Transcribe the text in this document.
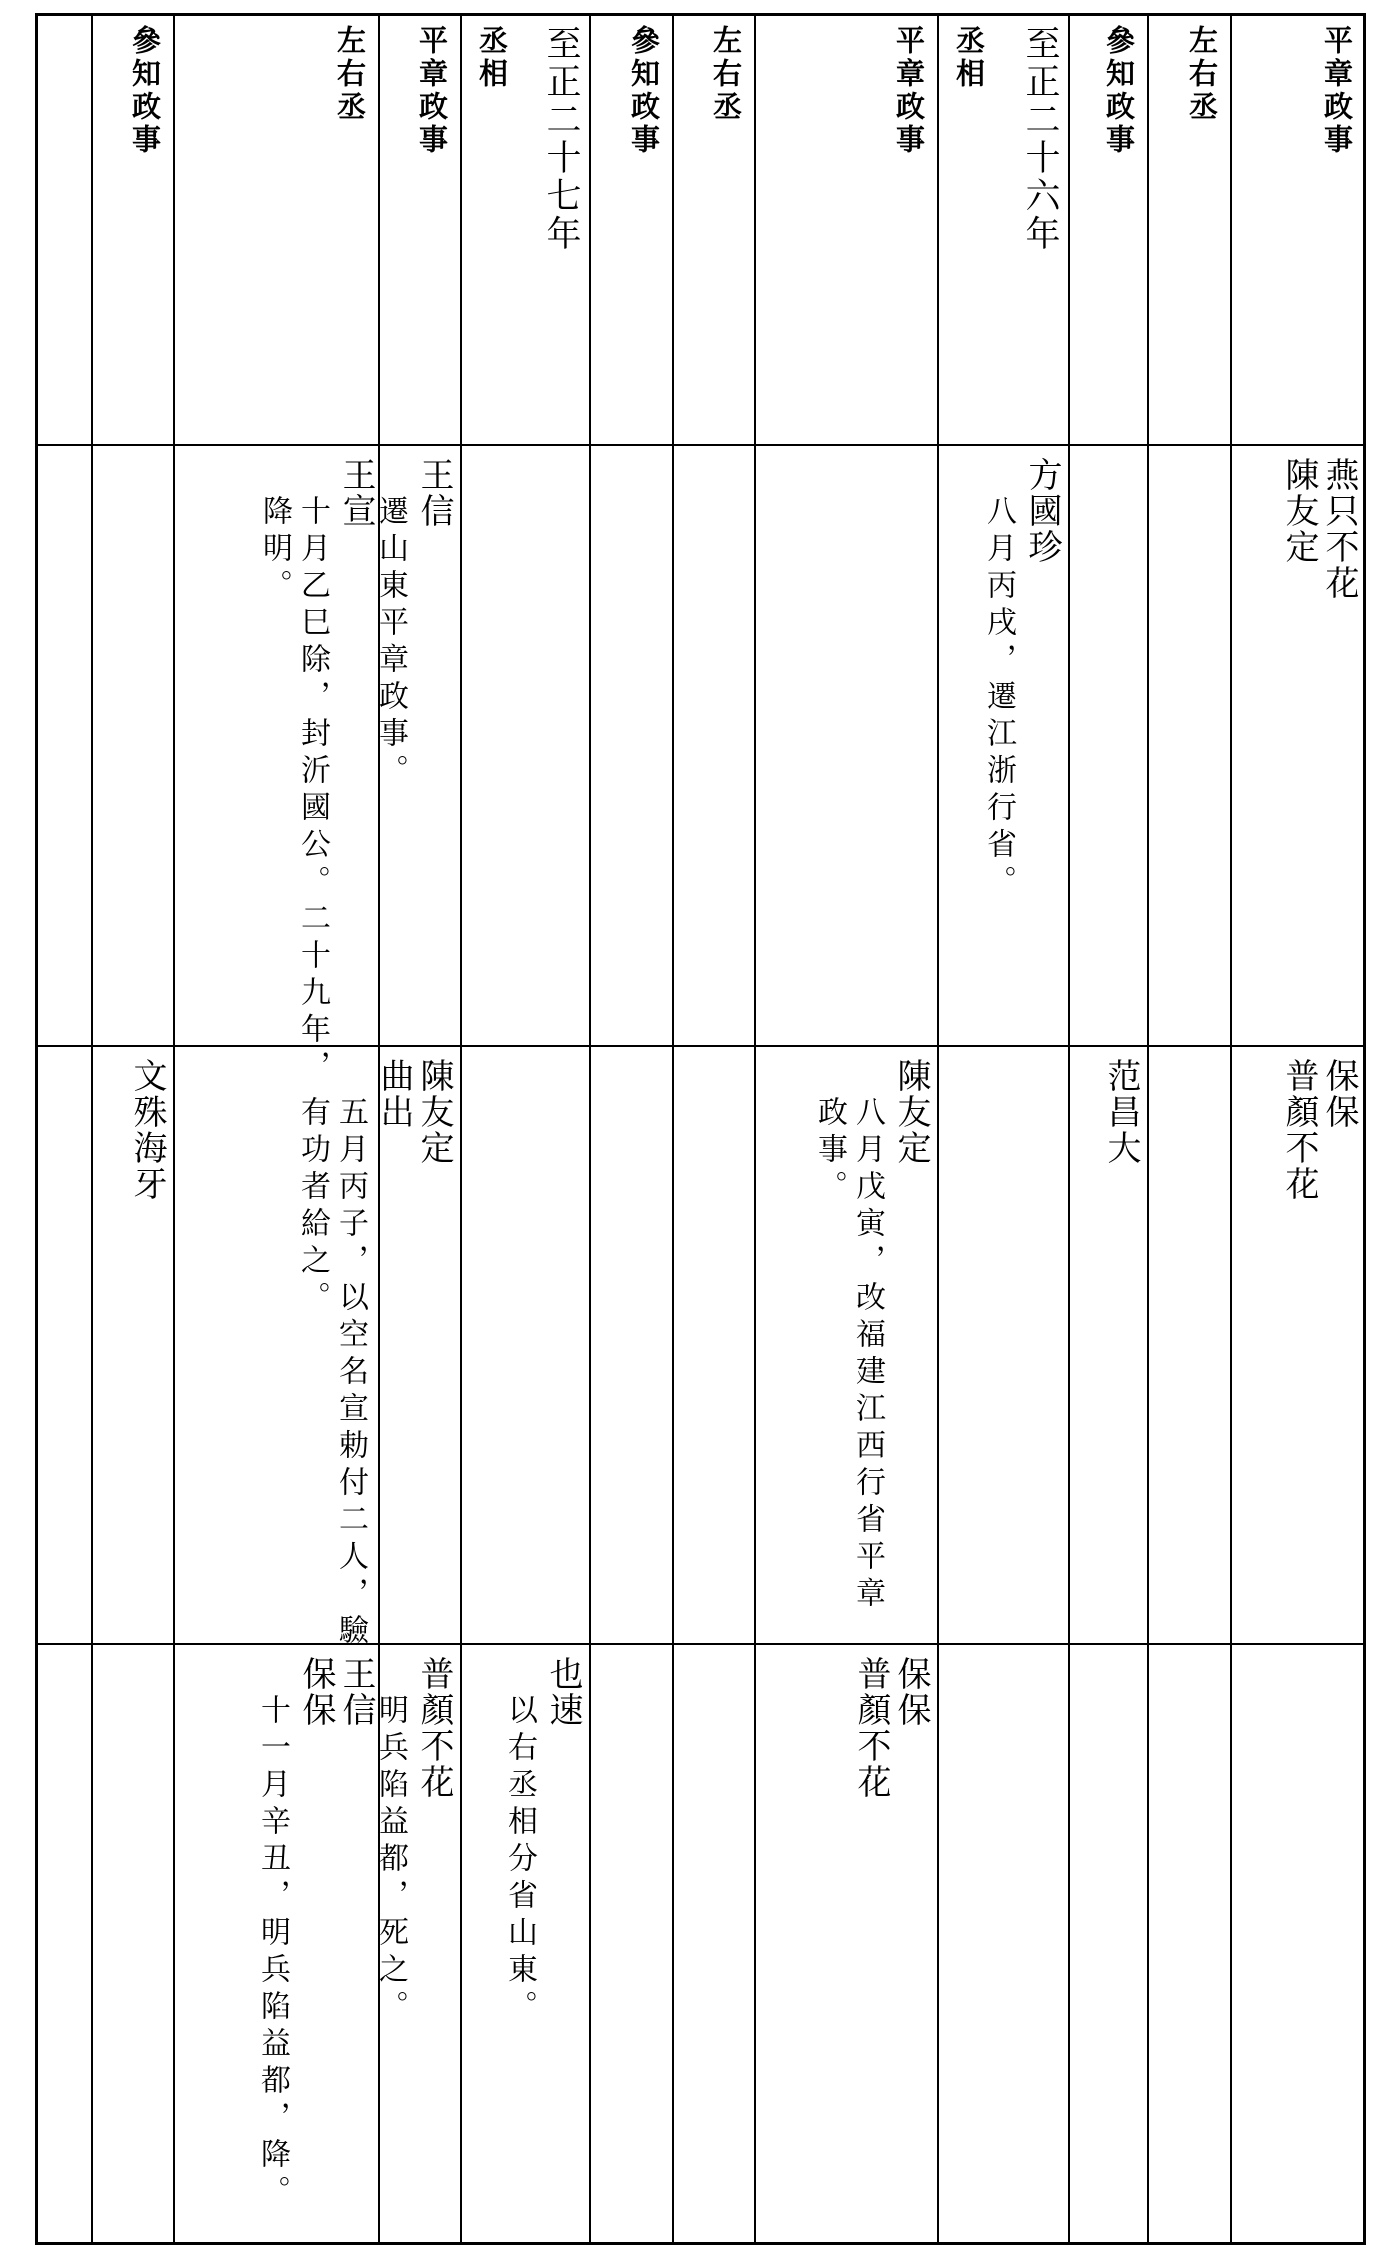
平章政事
燕只不花
陳友定
保保
普顏不花
左右丞
參知政事
范昌大
至正二十六年
丞相
方國珍
八月丙戌，遷江浙行省。
平章政事
陳友定
八月戊寅，改福建江西行省平章
政事。
保保
普顏不花
左右丞
參知政事
至正二十七年
丞相
也速
以右丞相分省山東。
平章政事
王信
遷山東平章政事。
王宣
十月乙巳除，封沂國公。二十九年，
降明。
陳友定
曲出
五月丙子，以空名宣勅付二人，驗
有功者給之。
普顏不花
明兵陷益都，死之。
王信
保保
十一月辛丑，明兵陷益都，降。
左右丞
參知政事
文殊海牙
